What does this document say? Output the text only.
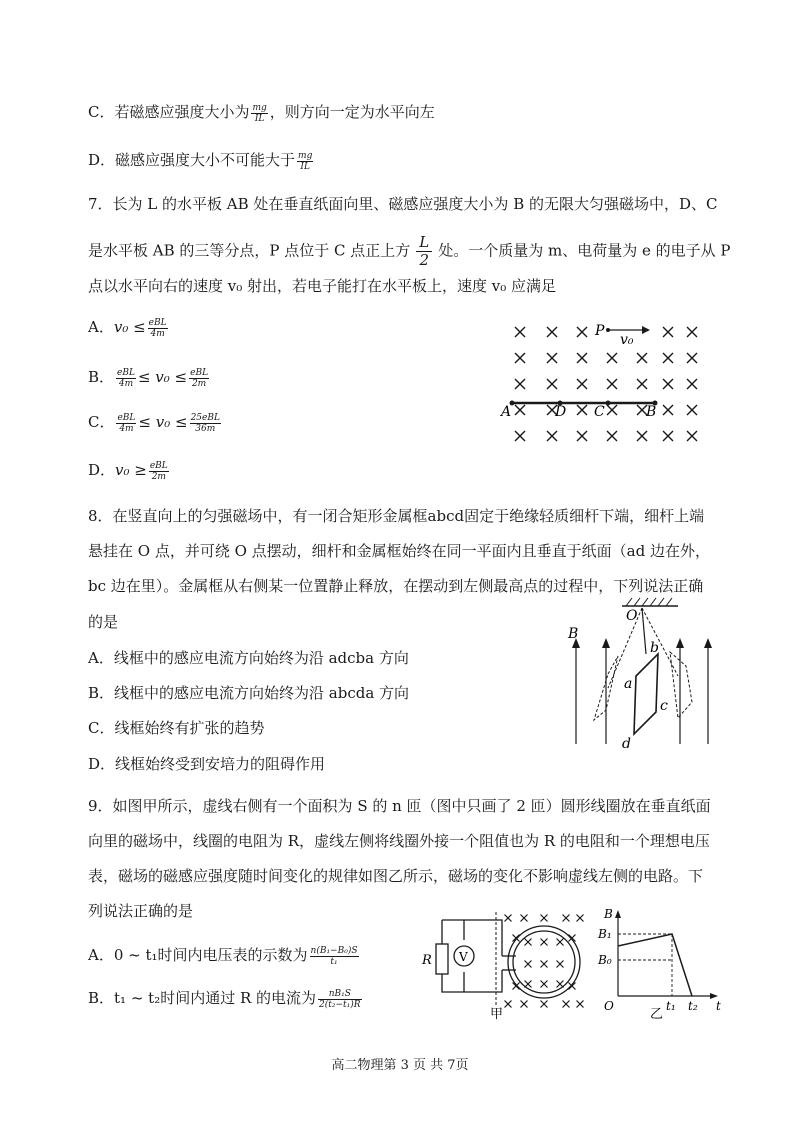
C．若磁感应强度大小为 $\frac{mg}{IL}$ ，则方向一定为水平向左
D．磁感应强度大小不可能大于 $\frac{mg}{IL}$
7．长为 L 的水平板 AB 处在垂直纸面向里、磁感应强度大小为 B 的无限大匀强磁场中，D、C
是水平板 AB 的三等分点，P 点位于 C 点正上方 $\frac{L}{2}$ 处。一个质量为 m、电荷量为 e 的电子从 P
点以水平向右的速度 v₀ 射出，若电子能打在水平板上，速度 v₀ 应满足
A．$v_0 \le \frac{\text{eBL}}{4m}$
B． $\frac{\text{eBL}}{4m} \le v_0 \le \frac{\text{eBL}}{2m}$
C． $\frac{\text{eBL}}{4m} \le v_0 \le \frac{\text{25eBL}}{36m}$
D．$v_0 \ge \frac{\text{eBL}}{2m}$
P
v₀
A	D C	B
8．在竖直向上的匀强磁场中，有一闭合矩形金属框abcd固定于绝缘轻质细杆下端，细杆上端
悬挂在 O 点，并可绕 O 点摆动，细杆和金属框始终在同一平面内且垂直于纸面（ad 边在外，
bc 边在里）。金属框从右侧某一位置静止释放，在摆动到左侧最高点的过程中，下列说法正确
的是
A．线框中的感应电流方向始终为沿 adcba 方向
B．线框中的感应电流方向始终为沿 abcda 方向
C．线框始终有扩张的趋势
D．线框始终受到安培力的阻碍作用
O
B
a
b
c
d
9．如图甲所示，虚线右侧有一个面积为 S 的 n 匝（图中只画了 2 匝）圆形线圈放在垂直纸面
向里的磁场中，线圈的电阻为 R，虚线左侧将线圈外接一个阻值也为 R 的电阻和一个理想电压
表，磁场的磁感应强度随时间变化的规律如图乙所示，磁场的变化不影响虚线左侧的电路。下
列说法正确的是
A．0 ~ t₁时间内电压表的示数为 $\frac{\text{n(B₁−B₀)S}}{\text{t₁}}$
B．t₁ ~ t₂时间内通过 R 的电流为 $\frac{\text{nB₁S}}{\text{2(t₂−t₁)R}}$
R V
甲
B
B₁
B₀
O	t₁ t₂ t
乙
高二物理第 3 页 共 7页
